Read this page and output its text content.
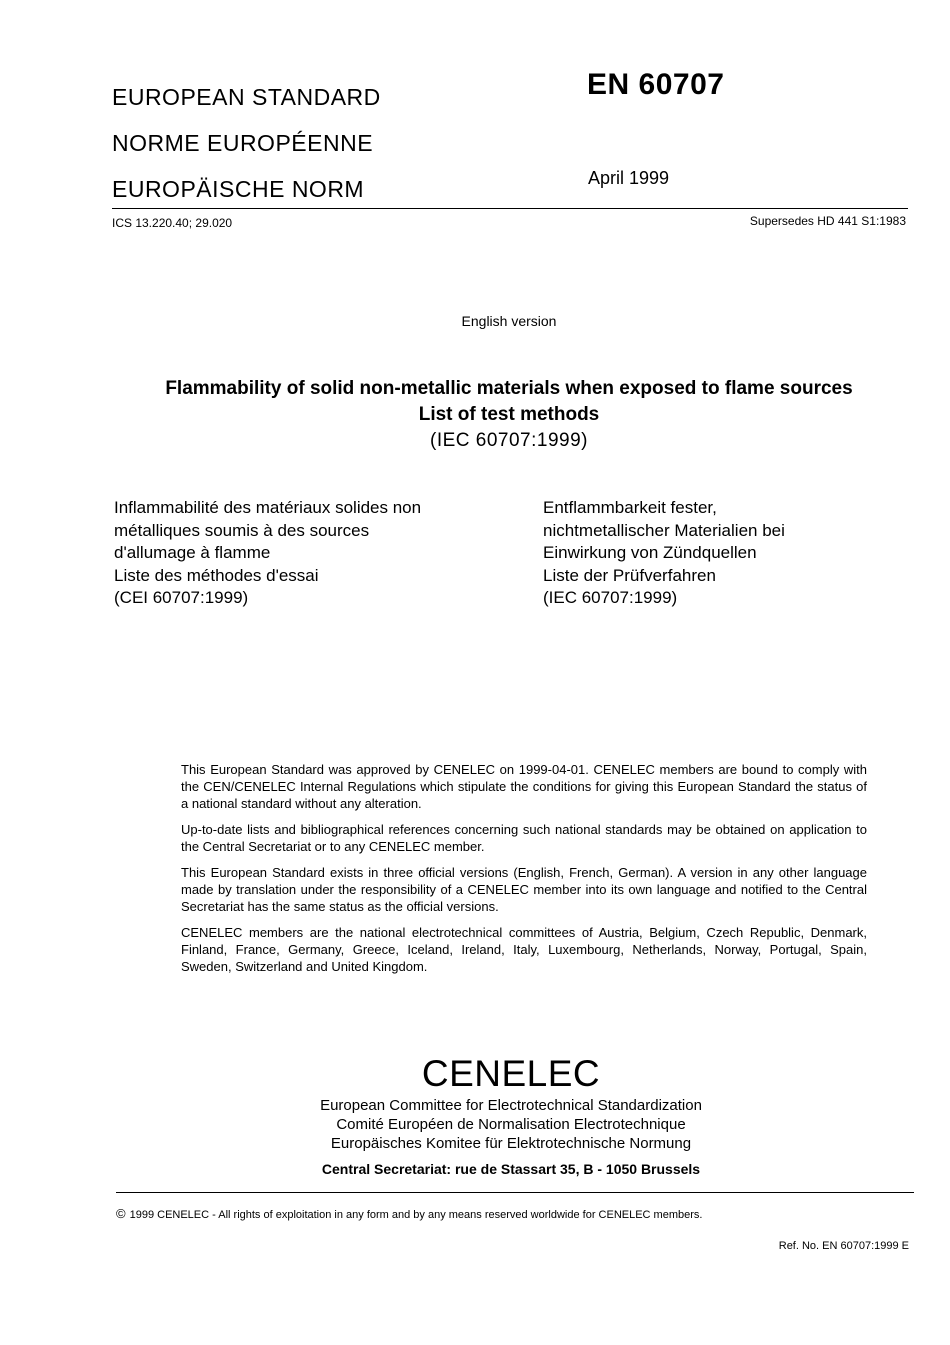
EUROPEAN STANDARD
NORME EUROPÉENNE
EUROPÄISCHE NORM
EN 60707
April 1999
ICS 13.220.40; 29.020	Supersedes HD 441 S1:1983
English version
Flammability of solid non-metallic materials when exposed to flame sources
List of test methods
(IEC 60707:1999)
Inflammabilité des matériaux solides non
métalliques soumis à des sources
d'allumage à flamme
Liste des méthodes d'essai
(CEI 60707:1999)
Entflammbarkeit fester,
nichtmetallischer Materialien bei
Einwirkung von Zündquellen
Liste der Prüfverfahren
(IEC 60707:1999)

This European Standard was approved by CENELEC on 1999-04-01. CENELEC members are bound to comply with the CEN/CENELEC Internal Regulations which stipulate the conditions for giving this European Standard the status of a national standard without any alteration.

Up-to-date lists and bibliographical references concerning such national standards may be obtained on application to the Central Secretariat or to any CENELEC member.

This European Standard exists in three official versions (English, French, German). A version in any other language made by translation under the responsibility of a CENELEC member into its own language and notified to the Central Secretariat has the same status as the official versions.

CENELEC members are the national electrotechnical committees of Austria, Belgium, Czech Republic, Denmark, Finland, France, Germany, Greece, Iceland, Ireland, Italy, Luxembourg, Netherlands, Norway, Portugal, Spain, Sweden, Switzerland and United Kingdom.

CENELEC
European Committee for Electrotechnical Standardization
Comité Européen de Normalisation Electrotechnique
Europäisches Komitee für Elektrotechnische Normung
Central Secretariat: rue de Stassart 35, B - 1050 Brussels
© 1999 CENELEC - All rights of exploitation in any form and by any means reserved worldwide for CENELEC members.
Ref. No. EN 60707:1999 E
